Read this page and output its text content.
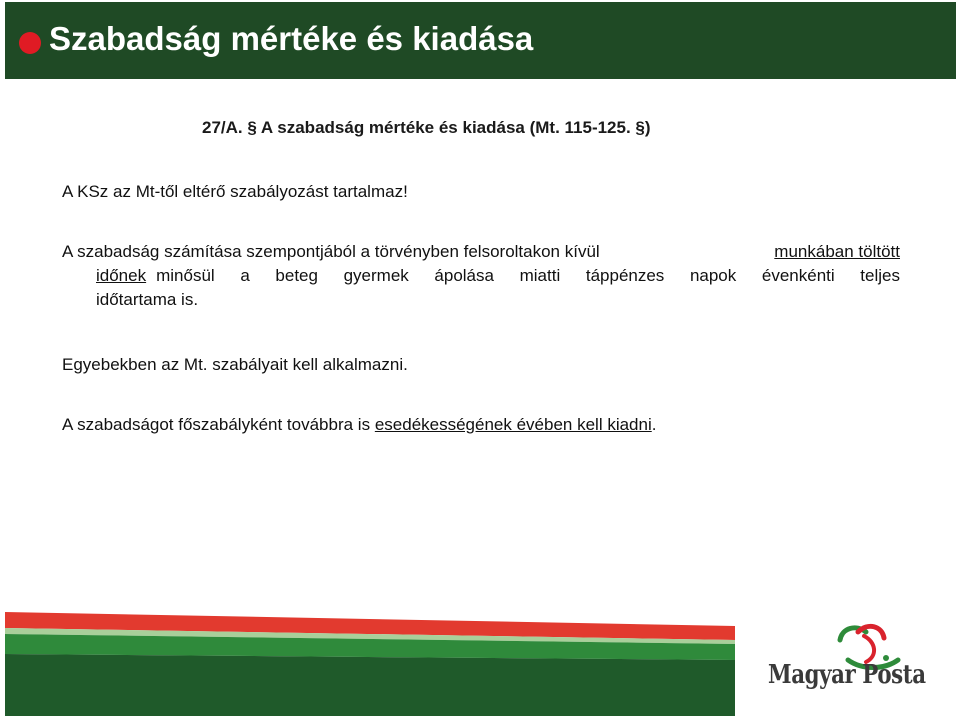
Szabadság mértéke és kiadása
27/A. § A szabadság mértéke és kiadása (Mt. 115-125. §)
A KSz az Mt-től eltérő szabályozást tartalmaz!
A szabadság számítása szempontjából a törvényben felsoroltakon kívül	munkában töltött
időnek minősül a beteg gyermek ápolása miatti táppénzes napok évenkénti teljes
időtartama is.
Egyebekben az Mt. szabályait kell alkalmazni.
A szabadságot főszabályként továbbra is esedékességének évében kell kiadni.
Magyar Posta
